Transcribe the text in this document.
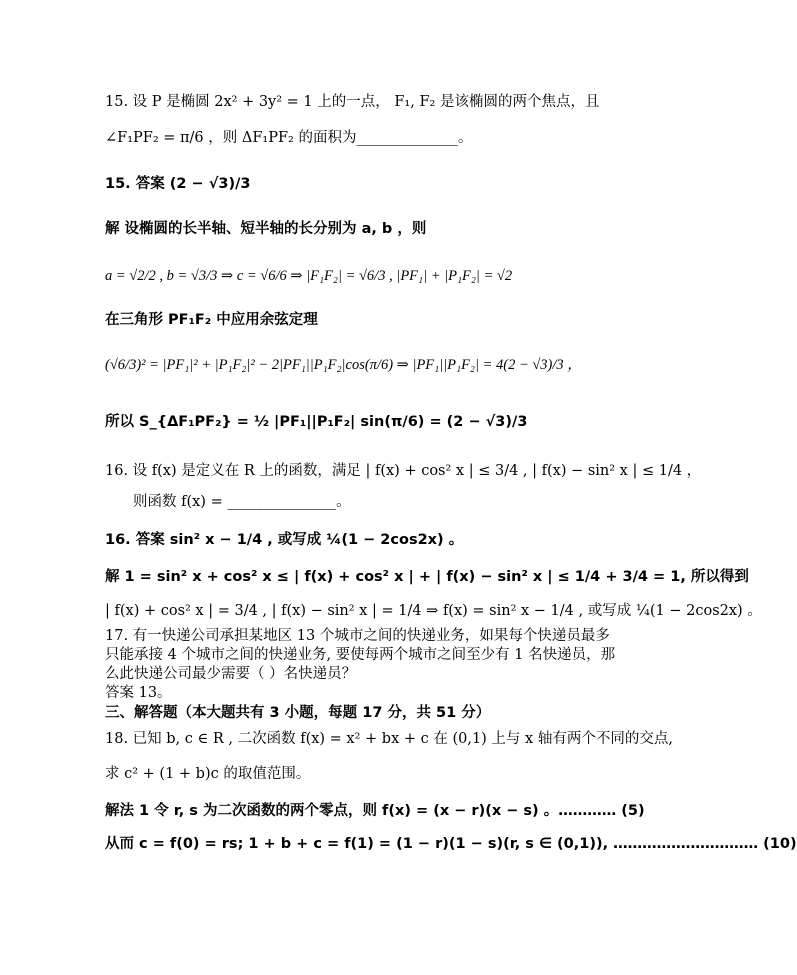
15. 设 P 是椭圆 2x² + 3y² = 1 上的一点， F₁, F₂ 是该椭圆的两个焦点，且
∠F₁PF₂ = π/6 ，则 ΔF₁PF₂ 的面积为______________。
15. 答案 (2 − √3)/3
解 设椭圆的长半轴、短半轴的长分别为 a, b ，则
a = √2/2 , b = √3/3 ⇒ c = √6/6 ⇒ |F₁F₂| = √6/3 , |PF₁| + |P₁F₂| = √2
在三角形 PF₁F₂ 中应用余弦定理
(√6/3)² = |PF₁|² + |P₁F₂|² − 2|PF₁||P₁F₂|cos(π/6) ⇒ |PF₁||P₁F₂| = 4(2 − √3)/3 ，
所以 S_{ΔF₁PF₂} = ½ |PF₁||P₁F₂| sin(π/6) = (2 − √3)/3
16. 设 f(x) 是定义在 R 上的函数，满足 | f(x) + cos² x | ≤ 3/4 , | f(x) − sin² x | ≤ 1/4 ，
则函数 f(x) = _______________。
16. 答案 sin² x − 1/4 , 或写成 ¼(1 − 2cos2x) 。
解 1 = sin² x + cos² x ≤ | f(x) + cos² x | + | f(x) − sin² x | ≤ 1/4 + 3/4 = 1, 所以得到
| f(x) + cos² x | = 3/4 , | f(x) − sin² x | = 1/4 ⇒ f(x) = sin² x − 1/4 , 或写成 ¼(1 − 2cos2x) 。
17. 有一快递公司承担某地区 13 个城市之间的快递业务，如果每个快递员最多
只能承接 4 个城市之间的快递业务, 要使每两个城市之间至少有 1 名快递员，那
么此快递公司最少需要（ ）名快递员？
答案 13。
三、解答题（本大题共有 3 小题，每题 17 分，共 51 分）
18. 已知 b, c ∈ R , 二次函数 f(x) = x² + bx + c 在 (0,1) 上与 x 轴有两个不同的交点,
求 c² + (1 + b)c 的取值范围。
解法 1 令 r, s 为二次函数的两个零点，则 f(x) = (x − r)(x − s) 。………… (5)
从而 c = f(0) = rs; 1 + b + c = f(1) = (1 − r)(1 − s)(r, s ∈ (0,1)), ………………………… (10)
